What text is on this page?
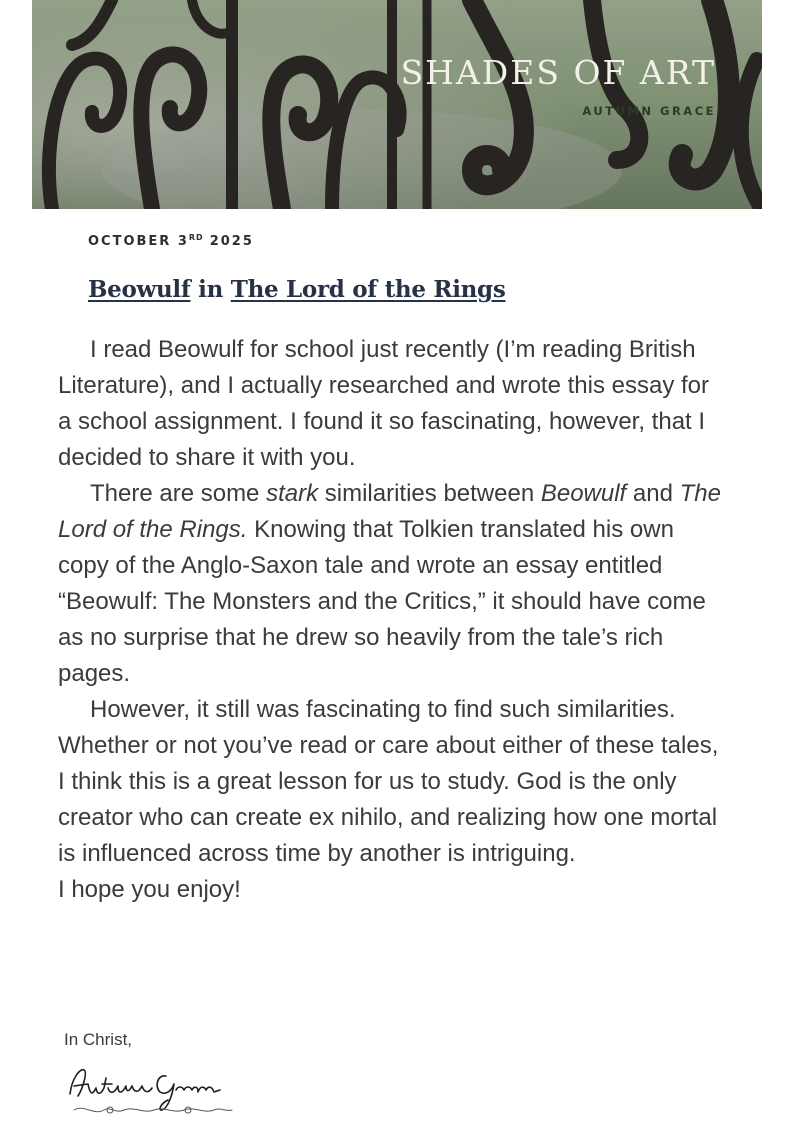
SHADES OF ART
AUTUMN GRACE
OCTOBER 3RD 2025
Beowulf in The Lord of the Rings

I read Beowulf for school just recently (I’m reading British Literature), and I actually researched and wrote this essay for a school assignment. I found it so fascinating, however, that I decided to share it with you.

There are some stark similarities between Beowulf and The Lord of the Rings. Knowing that Tolkien translated his own copy of the Anglo-Saxon tale and wrote an essay entitled “Beowulf: The Monsters and the Critics,” it should have come as no surprise that he drew so heavily from the tale’s rich pages.

However, it still was fascinating to find such similarities. Whether or not you’ve read or care about either of these tales, I think this is a great lesson for us to study. God is the only creator who can create ex nihilo, and realizing how one mortal is influenced across time by another is intriguing.

I hope you enjoy!

In Christ,
